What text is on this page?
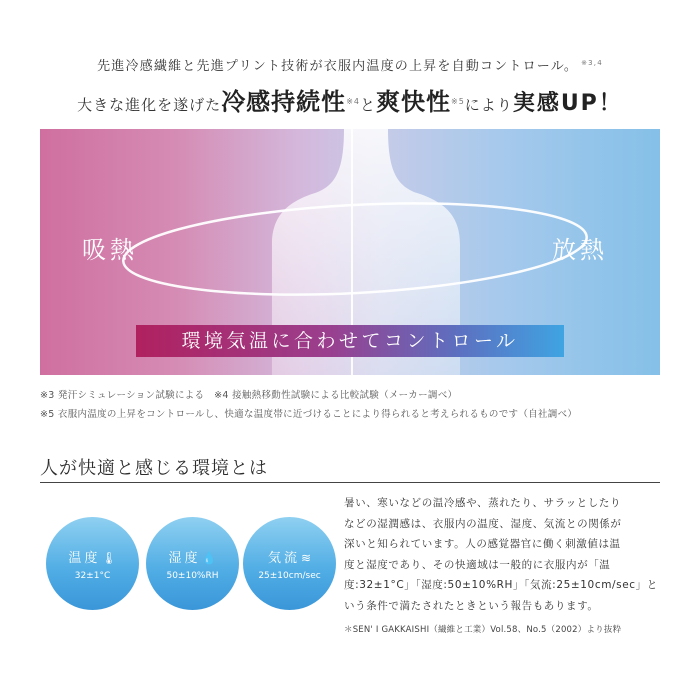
先進冷感繊維と先進プリント技術が衣服内温度の上昇を自動コントロール。 $^{※3,4}$
大きな進化を遂げた冷感持続性$^{※4}$と爽快性$^{※5}$により実感UP！
吸熱	放熱
環境気温に合わせてコントロール
※3 発汗シミュレーション試験による　※4 接触熱移動性試験による比較試験（メーカー調べ）
※5 衣服内温度の上昇をコントロールし、快適な温度帯に近づけることにより得られると考えられるものです（自社調べ）
人が快適と感じる環境とは
温度🌡
32±1°C
湿度💧
50±10%RH
気流≋
25±10cm/sec
暑い、寒いなどの温冷感や、蒸れたり、サラッとしたり
などの湿潤感は、衣服内の温度、湿度、気流との関係が
深いと知られています。人の感覚器官に働く刺激値は温
度と湿度であり、その快適域は一般的に衣服内が「温
度:32±1°C」「湿度:50±10%RH」「気流:25±10cm/sec」と
いう条件で満たされたときという報告もあります。
＊SEN' I GAKKAISHI（繊維と工業）Vol.58、No.5（2002）より抜粋
